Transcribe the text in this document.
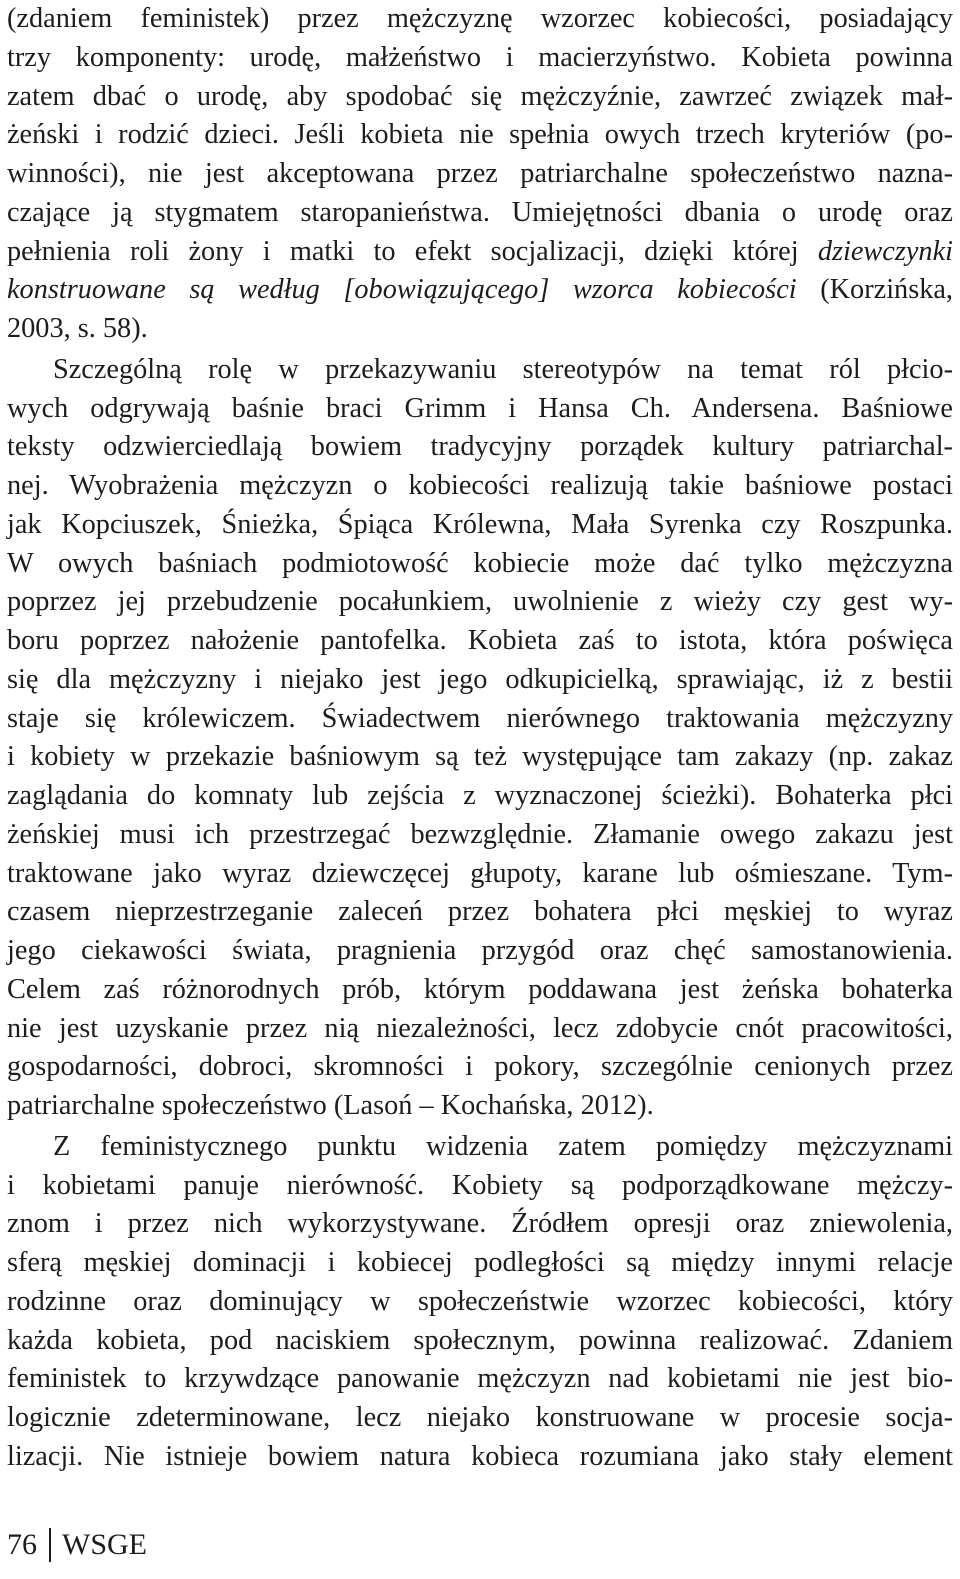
(zdaniem feministek) przez mężczyznę wzorzec kobiecości, posiadający
trzy komponenty: urodę, małżeństwo i macierzyństwo. Kobieta powinna
zatem dbać o urodę, aby spodobać się mężczyźnie, zawrzeć związek mał-
żeński i rodzić dzieci. Jeśli kobieta nie spełnia owych trzech kryteriów (po-
winności), nie jest akceptowana przez patriarchalne społeczeństwo nazna-
czające ją stygmatem staropanieństwa. Umiejętności dbania o urodę oraz
pełnienia roli żony i matki to efekt socjalizacji, dzięki której dziewczynki
konstruowane są według [obowiązującego] wzorca kobiecości (Korzińska,
2003, s. 58).
Szczególną rolę w przekazywaniu stereotypów na temat ról płcio-
wych odgrywają baśnie braci Grimm i Hansa Ch. Andersena. Baśniowe
teksty odzwierciedlają bowiem tradycyjny porządek kultury patriarchal-
nej. Wyobrażenia mężczyzn o kobiecości realizują takie baśniowe postaci
jak Kopciuszek, Śnieżka, Śpiąca Królewna, Mała Syrenka czy Roszpunka.
W owych baśniach podmiotowość kobiecie może dać tylko mężczyzna
poprzez jej przebudzenie pocałunkiem, uwolnienie z wieży czy gest wy-
boru poprzez nałożenie pantofelka. Kobieta zaś to istota, która poświęca
się dla mężczyzny i niejako jest jego odkupicielką, sprawiając, iż z bestii
staje się królewiczem. Świadectwem nierównego traktowania mężczyzny
i kobiety w przekazie baśniowym są też występujące tam zakazy (np. zakaz
zaglądania do komnaty lub zejścia z wyznaczonej ścieżki). Bohaterka płci
żeńskiej musi ich przestrzegać bezwzględnie. Złamanie owego zakazu jest
traktowane jako wyraz dziewczęcej głupoty, karane lub ośmieszane. Tym-
czasem nieprzestrzeganie zaleceń przez bohatera płci męskiej to wyraz
jego ciekawości świata, pragnienia przygód oraz chęć samostanowienia.
Celem zaś różnorodnych prób, którym poddawana jest żeńska bohaterka
nie jest uzyskanie przez nią niezależności, lecz zdobycie cnót pracowitości,
gospodarności, dobroci, skromności i pokory, szczególnie cenionych przez
patriarchalne społeczeństwo (Lasoń – Kochańska, 2012).
Z feministycznego punktu widzenia zatem pomiędzy mężczyznami
i kobietami panuje nierówność. Kobiety są podporządkowane mężczy-
znom i przez nich wykorzystywane. Źródłem opresji oraz zniewolenia,
sferą męskiej dominacji i kobiecej podległości są między innymi relacje
rodzinne oraz dominujący w społeczeństwie wzorzec kobiecości, który
każda kobieta, pod naciskiem społecznym, powinna realizować. Zdaniem
feministek to krzywdzące panowanie mężczyzn nad kobietami nie jest bio-
logicznie zdeterminowane, lecz niejako konstruowane w procesie socja-
lizacji. Nie istnieje bowiem natura kobieca rozumiana jako stały element
76 WSGE
